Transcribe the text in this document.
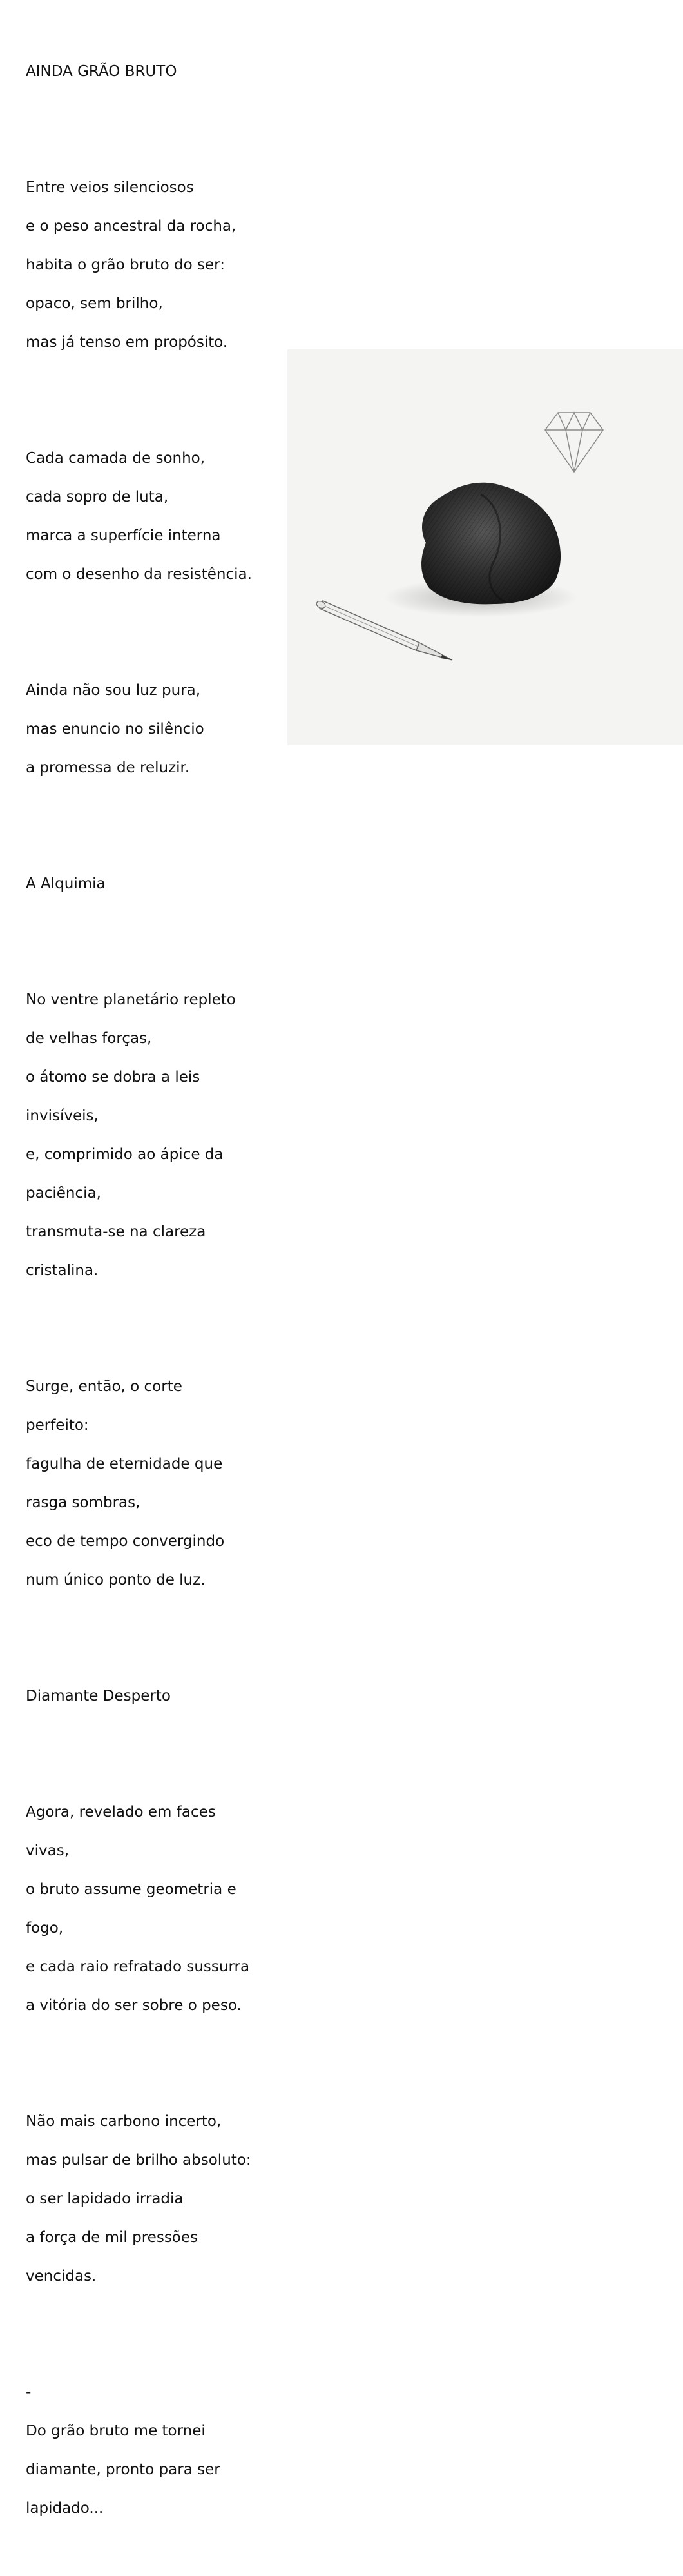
AINDA GRÃO BRUTO

Entre veios silenciosos

e o peso ancestral da rocha,

habita o grão bruto do ser:

opaco, sem brilho,

mas já tenso em propósito.

Cada camada de sonho,

cada sopro de luta,

marca a superfície interna

com o desenho da resistência.

Ainda não sou luz pura,

mas enuncio no silêncio

a promessa de reluzir.

A Alquimia

No ventre planetário repleto

de velhas forças,

o átomo se dobra a leis

invisíveis,

e, comprimido ao ápice da

paciência,

transmuta-se na clareza

cristalina.

Surge, então, o corte

perfeito:

fagulha de eternidade que

rasga sombras,

eco de tempo convergindo

num único ponto de luz.

Diamante Desperto

Agora, revelado em faces

vivas,

o bruto assume geometria e

fogo,

e cada raio refratado sussurra

a vitória do ser sobre o peso.

Não mais carbono incerto,

mas pulsar de brilho absoluto:

o ser lapidado irradia

a força de mil pressões

vencidas.

-

Do grão bruto me tornei

diamante, pronto para ser

lapidado...
